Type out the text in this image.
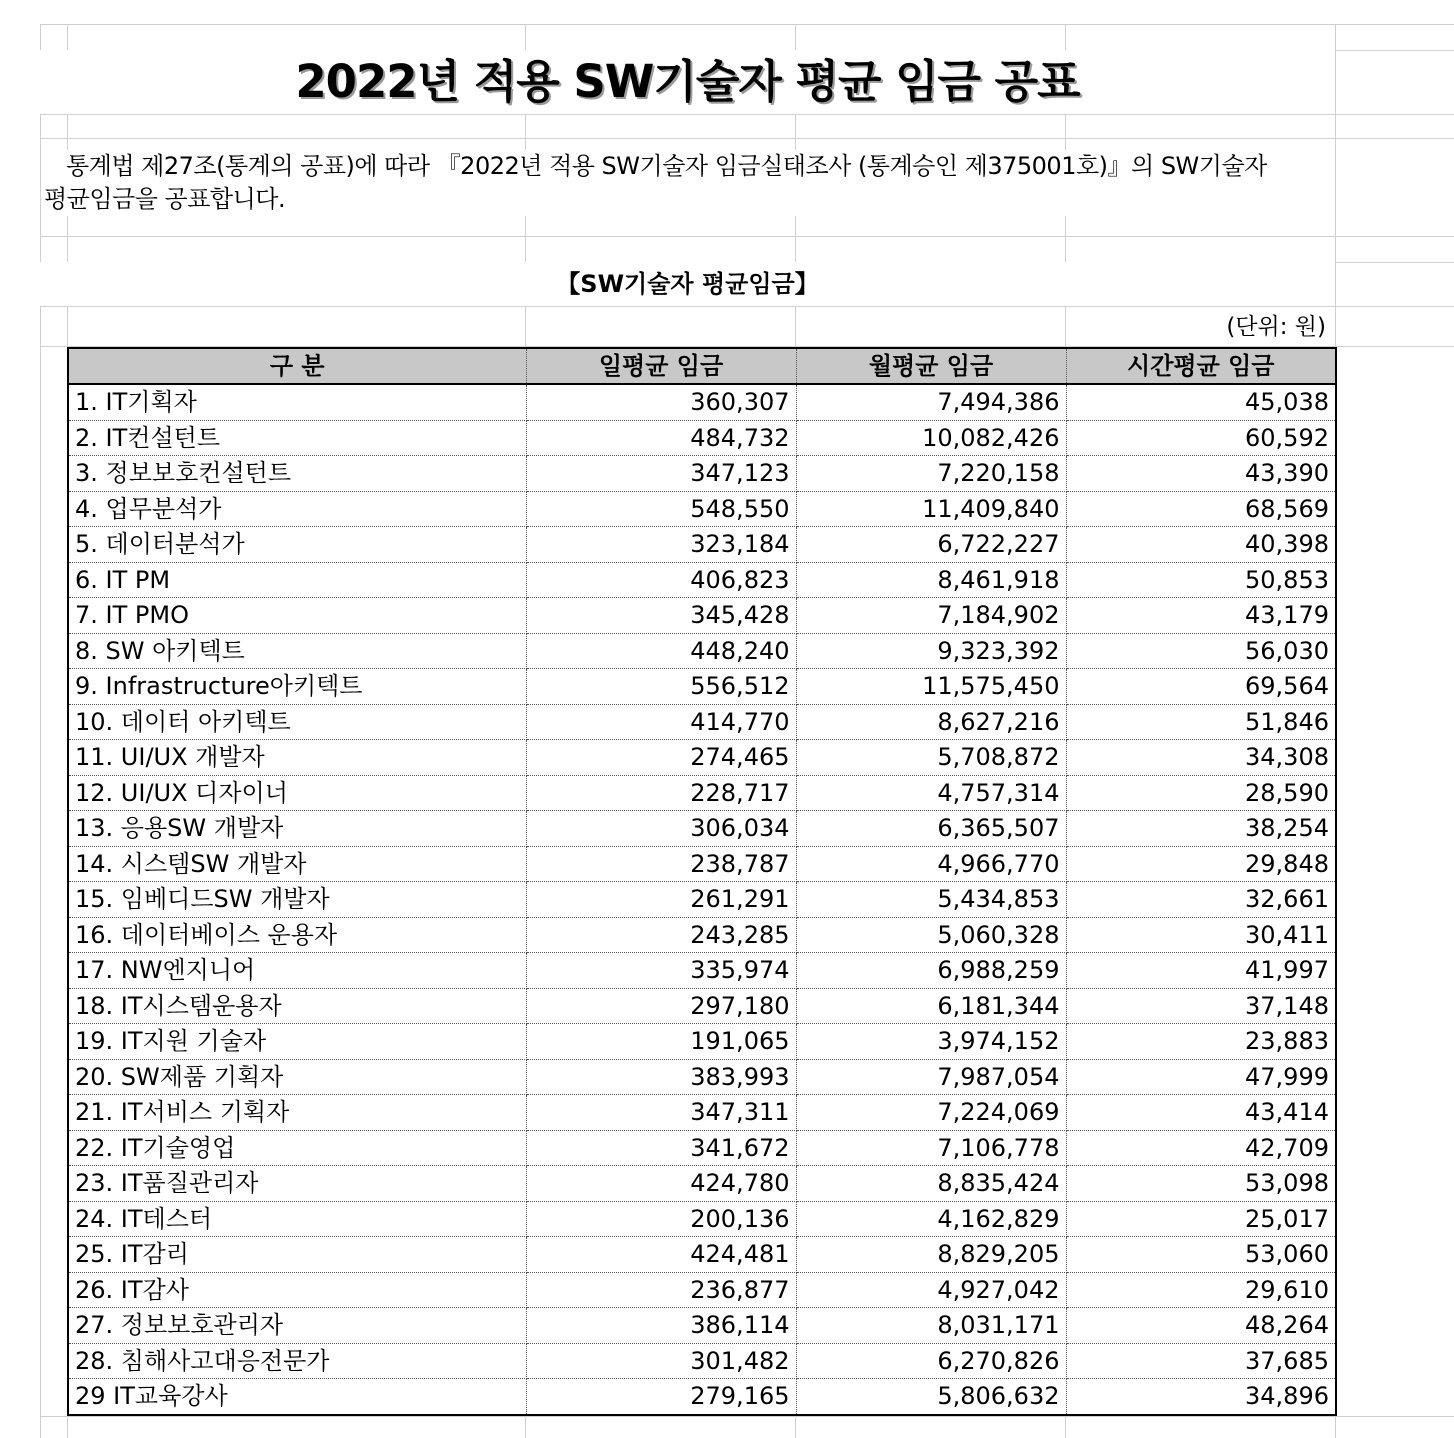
2022년 적용 SW기술자 평균 임금 공표
통계법 제27조(통계의 공표)에 따라 『2022년 적용 SW기술자 임금실태조사 (통계승인 제375001호)』의 SW기술자
평균임금을 공표합니다.
【SW기술자 평균임금】
(단위: 원)
구 분	일평균 임금	월평균 임금	시간평균 임금
1. IT기획자	360,307	7,494,386	45,038
2. IT컨설턴트	484,732	10,082,426	60,592
3. 정보보호컨설턴트	347,123	7,220,158	43,390
4. 업무분석가	548,550	11,409,840	68,569
5. 데이터분석가	323,184	6,722,227	40,398
6. IT PM	406,823	8,461,918	50,853
7. IT PMO	345,428	7,184,902	43,179
8. SW 아키텍트	448,240	9,323,392	56,030
9. Infrastructure아키텍트	556,512	11,575,450	69,564
10. 데이터 아키텍트	414,770	8,627,216	51,846
11. UI/UX 개발자	274,465	5,708,872	34,308
12. UI/UX 디자이너	228,717	4,757,314	28,590
13. 응용SW 개발자	306,034	6,365,507	38,254
14. 시스템SW 개발자	238,787	4,966,770	29,848
15. 임베디드SW 개발자	261,291	5,434,853	32,661
16. 데이터베이스 운용자	243,285	5,060,328	30,411
17. NW엔지니어	335,974	6,988,259	41,997
18. IT시스템운용자	297,180	6,181,344	37,148
19. IT지원 기술자	191,065	3,974,152	23,883
20. SW제품 기획자	383,993	7,987,054	47,999
21. IT서비스 기획자	347,311	7,224,069	43,414
22. IT기술영업	341,672	7,106,778	42,709
23. IT품질관리자	424,780	8,835,424	53,098
24. IT테스터	200,136	4,162,829	25,017
25. IT감리	424,481	8,829,205	53,060
26. IT감사	236,877	4,927,042	29,610
27. 정보보호관리자	386,114	8,031,171	48,264
28. 침해사고대응전문가	301,482	6,270,826	37,685
29 IT교육강사	279,165	5,806,632	34,896
